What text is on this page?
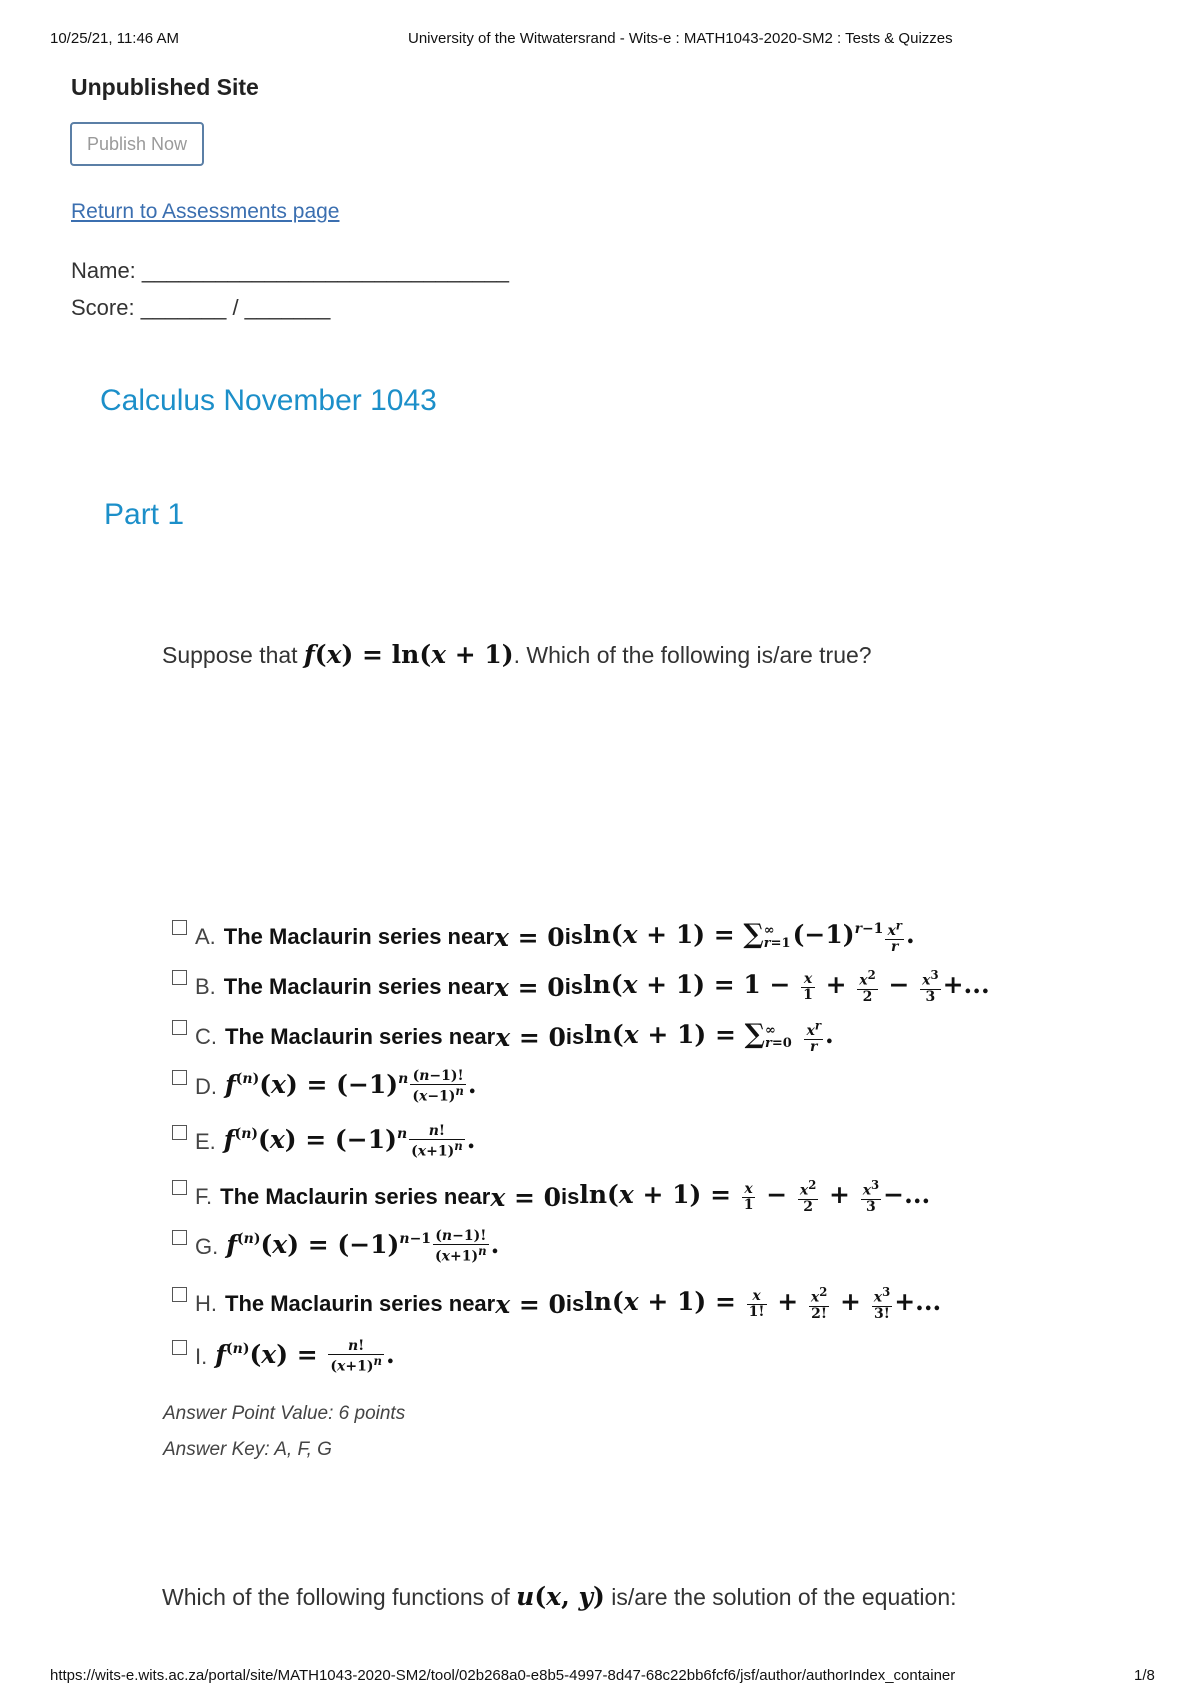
10/25/21, 11:46 AM	University of the Witwatersrand - Wits-e : MATH1043-2020-SM2 : Tests & Quizzes
Unpublished Site
Publish Now
Return to Assessments page
Name: ______________________________
Score: _______ / _______
Calculus November 1043
Part 1
Suppose that f(x) = ln(x + 1). Which of the following is/are true?
A. The Maclaurin series near x = 0 is ln(x + 1) = ∑ ∞
r=1 $(-1)^{r-1} \frac{x^r}{r}$ .
B. The Maclaurin series near x = 0 is $\ln(x + 1) = 1 - \frac{x}{1} + \frac{x^2}{2} - \frac{x^3}{3}$ +...
C. The Maclaurin series near x = 0 is ln(x + 1) = ∑ ∞
r=0
$\frac{x^r}{r}$ .
D. $f^{(n)}(x) = (-1)^n \frac{(n-1)!}{(x-1)^n}$ .
E. $f^{(n)}(x) = (-1)^n \frac{n!}{(x+1)^n}$ .
F. The Maclaurin series near x = 0 is $\ln(x + 1) = \frac{x}{1} - \frac{x^2}{2} + \frac{x^3}{3}$ −...
G. $f^{(n)}(x) = (-1)^{n-1} \frac{(n-1)!}{(x+1)^n}$ .
H. The Maclaurin series near x = 0 is $\ln(x + 1) = \frac{x}{1!} + \frac{x^2}{2!} + \frac{x^3}{3!}$ +...
I. $f^{(n)}(x) = \frac{n!}{(x+1)^n}$ .
Answer Point Value: 6 points
Answer Key: A, F, G
Which of the following functions of u(x, y) is/are the solution of the equation:
https://wits-e.wits.ac.za/portal/site/MATH1043-2020-SM2/tool/02b268a0-e8b5-4997-8d47-68c22bb6fcf6/jsf/author/authorIndex_container	1/8
